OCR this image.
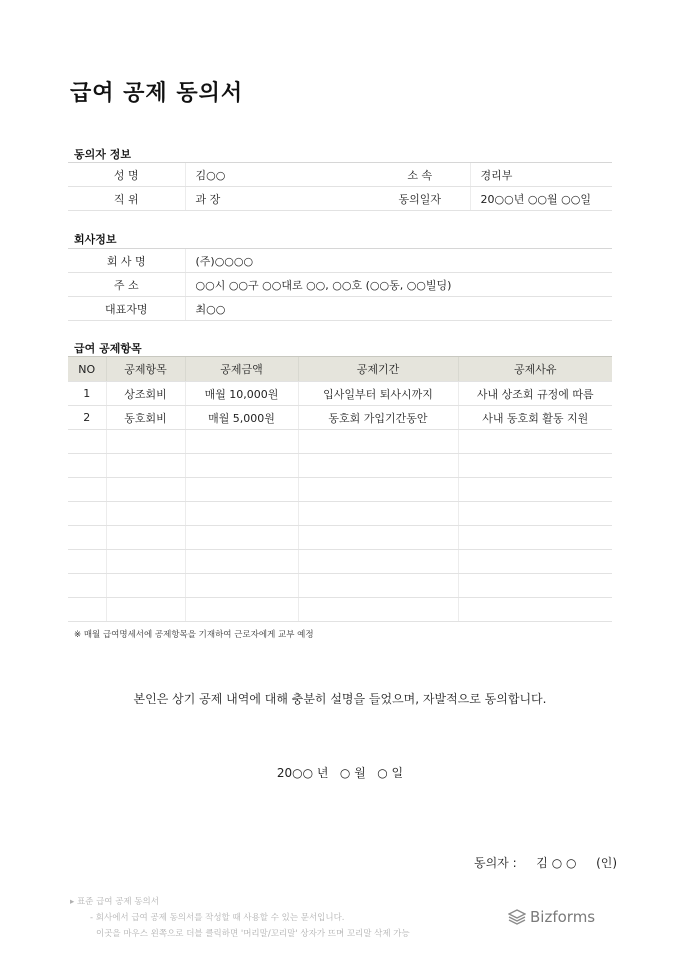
급여 공제 동의서
동의자 정보
성 명	김○○	소 속	경리부
직 위	과 장	동의일자	20○○년 ○○월 ○○일
회사정보
회 사 명	(주)○○○○
주 소	○○시 ○○구 ○○대로 ○○, ○○호 (○○동, ○○빌딩)
대표자명	최○○
급여 공제항목
NO	공제항목	공제금액	공제기간	공제사유
1	상조회비	매월 10,000원	입사일부터 퇴사시까지	사내 상조회 규정에 따름
2	동호회비	매월 5,000원	동호회 가입기간동안	사내 동호회 활동 지원

※ 매월 급여명세서에 공제항목을 기재하여 근로자에게 교부 예정
본인은 상기 공제 내역에 대해 충분히 설명을 들었으며, 자발적으로 동의합니다.
20○○ 년   ○ 월   ○ 일
동의자 : 김 ○ ○ (인)
▸ 표준 급여 공제 동의서
- 회사에서 급여 공제 동의서를 작성할 때 사용할 수 있는 문서입니다.
이곳을 마우스 왼쪽으로 더블 클릭하면 '머리말/꼬리말' 상자가 뜨며 꼬리말 삭제 가능
Bizforms
